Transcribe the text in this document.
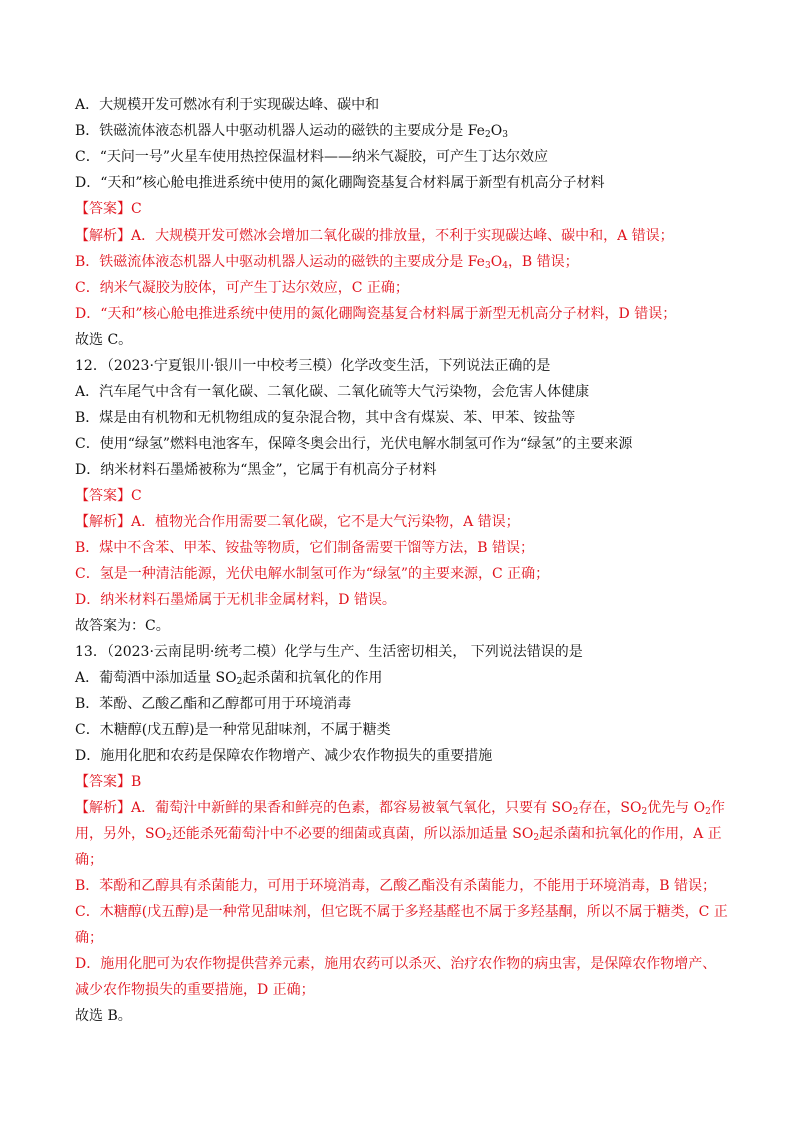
A．大规模开发可燃冰有利于实现碳达峰、碳中和
B．铁磁流体液态机器人中驱动机器人运动的磁铁的主要成分是 $Fe_2O_3$
C．“天问一号”火星车使用热控保温材料——纳米气凝胶，可产生丁达尔效应
D．“天和”核心舱电推进系统中使用的氮化硼陶瓷基复合材料属于新型有机高分子材料
【答案】C
【解析】A．大规模开发可燃冰会增加二氧化碳的排放量，不利于实现碳达峰、碳中和，A 错误；
B．铁磁流体液态机器人中驱动机器人运动的磁铁的主要成分是 $Fe_3O_4$，B 错误；
C．纳米气凝胶为胶体，可产生丁达尔效应，C 正确；
D．“天和”核心舱电推进系统中使用的氮化硼陶瓷基复合材料属于新型无机高分子材料，D 错误；
故选 C。
12．（2023·宁夏银川·银川一中校考三模）化学改变生活，下列说法正确的是
A．汽车尾气中含有一氧化碳、二氧化碳、二氧化硫等大气污染物，会危害人体健康
B．煤是由有机物和无机物组成的复杂混合物，其中含有煤炭、苯、甲苯、铵盐等
C．使用“绿氢”燃料电池客车，保障冬奥会出行，光伏电解水制氢可作为“绿氢”的主要来源
D．纳米材料石墨烯被称为“黑金”，它属于有机高分子材料
【答案】C
【解析】A．植物光合作用需要二氧化碳，它不是大气污染物，A 错误；
B．煤中不含苯、甲苯、铵盐等物质，它们制备需要干馏等方法，B 错误；
C．氢是一种清洁能源，光伏电解水制氢可作为“绿氢”的主要来源，C 正确；
D．纳米材料石墨烯属于无机非金属材料，D 错误。
故答案为：C。
13．（2023·云南昆明·统考二模）化学与生产、生活密切相关， 下列说法错误的是
A．葡萄酒中添加适量 $SO_2$起杀菌和抗氧化的作用
B．苯酚、乙酸乙酯和乙醇都可用于环境消毒
C．木糖醇(戊五醇)是一种常见甜味剂，不属于糖类
D．施用化肥和农药是保障农作物增产、减少农作物损失的重要措施
【答案】B
【解析】A．葡萄汁中新鲜的果香和鲜亮的色素，都容易被氧气氧化，只要有 $SO_2$存在，$SO_2$优先与 $O_2$作
用，另外，$SO_2$还能杀死葡萄汁中不必要的细菌或真菌，所以添加适量 $SO_2$起杀菌和抗氧化的作用，A 正
确；
B．苯酚和乙醇具有杀菌能力，可用于环境消毒，乙酸乙酯没有杀菌能力，不能用于环境消毒，B 错误；
C．木糖醇(戊五醇)是一种常见甜味剂，但它既不属于多羟基醛也不属于多羟基酮，所以不属于糖类，C 正
确；
D．施用化肥可为农作物提供营养元素，施用农药可以杀灭、治疗农作物的病虫害，是保障农作物增产、
减少农作物损失的重要措施，D 正确；
故选 B。
